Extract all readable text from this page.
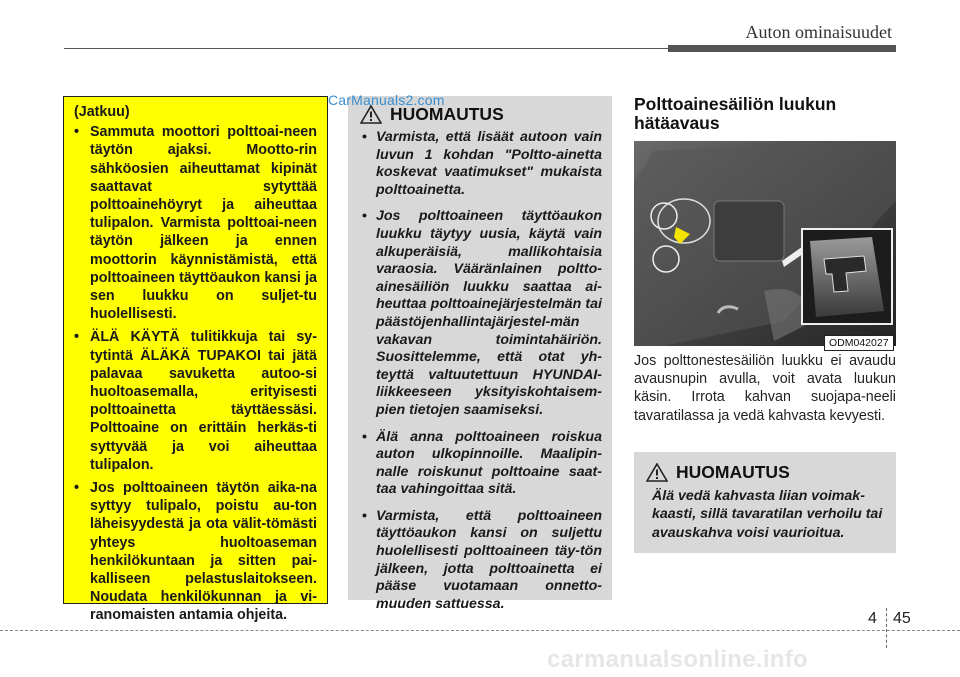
Auton ominaisuudet
(Jatkuu)
• Sammuta moottori polttoai-neen täytön ajaksi. Mootto-rin sähköosien aiheuttamat kipinät saattavat sytyttää polttoainehöyryt ja aiheuttaa tulipalon. Varmista polttoai-neen täytön jälkeen ja ennen moottorin käynnistämistä, että polttoaineen täyttöaukon kansi ja sen luukku on suljet-tu huolellisesti.
• ÄLÄ KÄYTÄ tulitikkuja tai sy-tytintä ÄLÄKÄ TUPAKOI tai jätä palavaa savuketta autoo-si huoltoasemalla, erityisesti polttoainetta täyttäessäsi. Polttoaine on erittäin herkäs-ti syttyvää ja voi aiheuttaa tulipalon.
• Jos polttoaineen täytön aika-na syttyy tulipalo, poistu au-ton läheisyydestä ja ota välit-tömästi yhteys huoltoaseman henkilökuntaan ja sitten pai-kalliseen pelastuslaitokseen. Noudata henkilökunnan ja vi-ranomaisten antamia ohjeita.
HUOMAUTUS
• Varmista, että lisäät autoon vain luvun 1 kohdan "Poltto-ainetta koskevat vaatimukset" mukaista polttoainetta.
• Jos polttoaineen täyttöaukon luukku täytyy uusia, käytä vain alkuperäisiä, mallikohtaisia varaosia. Vääränlainen poltto-ainesäiliön luukku saattaa ai-heuttaa polttoainejärjestelmän tai päästöjenhallintajärjestel-män vakavan toimintahäiriön. Suosittelemme, että otat yh-teyttä valtuutettuun HYUNDAI-liikkeeseen yksityiskohtaisem-pien tietojen saamiseksi.
• Älä anna polttoaineen roiskua auton ulkopinnoille. Maalipin-nalle roiskunut polttoaine saat-taa vahingoittaa sitä.
• Varmista, että polttoaineen täyttöaukon kansi on suljettu huolellisesti polttoaineen täy-tön jälkeen, jotta polttoainetta ei pääse vuotamaan onnetto-muuden sattuessa.
CarManuals2.com	Polttoainesäiliön luukun hätäavaus
ODM042027
Jos polttonestesäiliön luukku ei avaudu avausnupin avulla, voit avata luukun käsin. Irrota kahvan suojapa-neeli tavaratilassa ja vedä kahvasta kevyesti.
HUOMAUTUS
Älä vedä kahvasta liian voimak-kaasti, sillä tavaratilan verhoilu tai avauskahva voisi vaurioitua.
4 45
carmanualsonline.info
